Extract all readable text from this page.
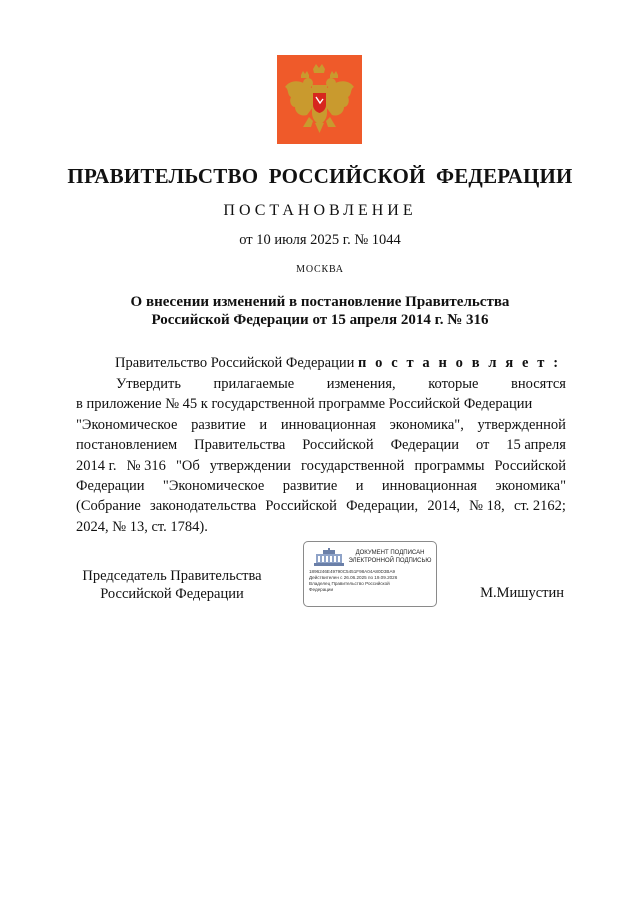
ПРАВИТЕЛЬСТВО РОССИЙСКОЙ ФЕДЕРАЦИИ
ПОСТАНОВЛЕНИЕ
от 10 июля 2025 г. № 1044
МОСКВА
О внесении изменений в постановление Правительства
Российской Федерации от 15 апреля 2014 г. № 316
Правительство Российской Федерации п о с т а н о в л я е т :
Утвердить прилагаемые изменения, которые вносятся
в приложение № 45 к государственной программе Российской Федерации
"Экономическое развитие и инновационная экономика", утвержденной
постановлением Правительства Российской Федерации от 15 апреля
2014 г. № 316 "Об утверждении государственной программы Российской
Федерации "Экономическое развитие и инновационная экономика"
(Собрание законодательства Российской Федерации, 2014, № 18, ст. 2162;
2024, № 13, ст. 1784).
Председатель Правительства
Российской Федерации
ДОКУМЕНТ ПОДПИСАН
ЭЛЕКТРОННОЙ ПОДПИСЬЮ
1896246E49790C5451F98A04A80D3BA9
Действителен с 26.06.2025 по 19.09.2026
Владелец Правительство Российской
Федерации	М.Мишустин
